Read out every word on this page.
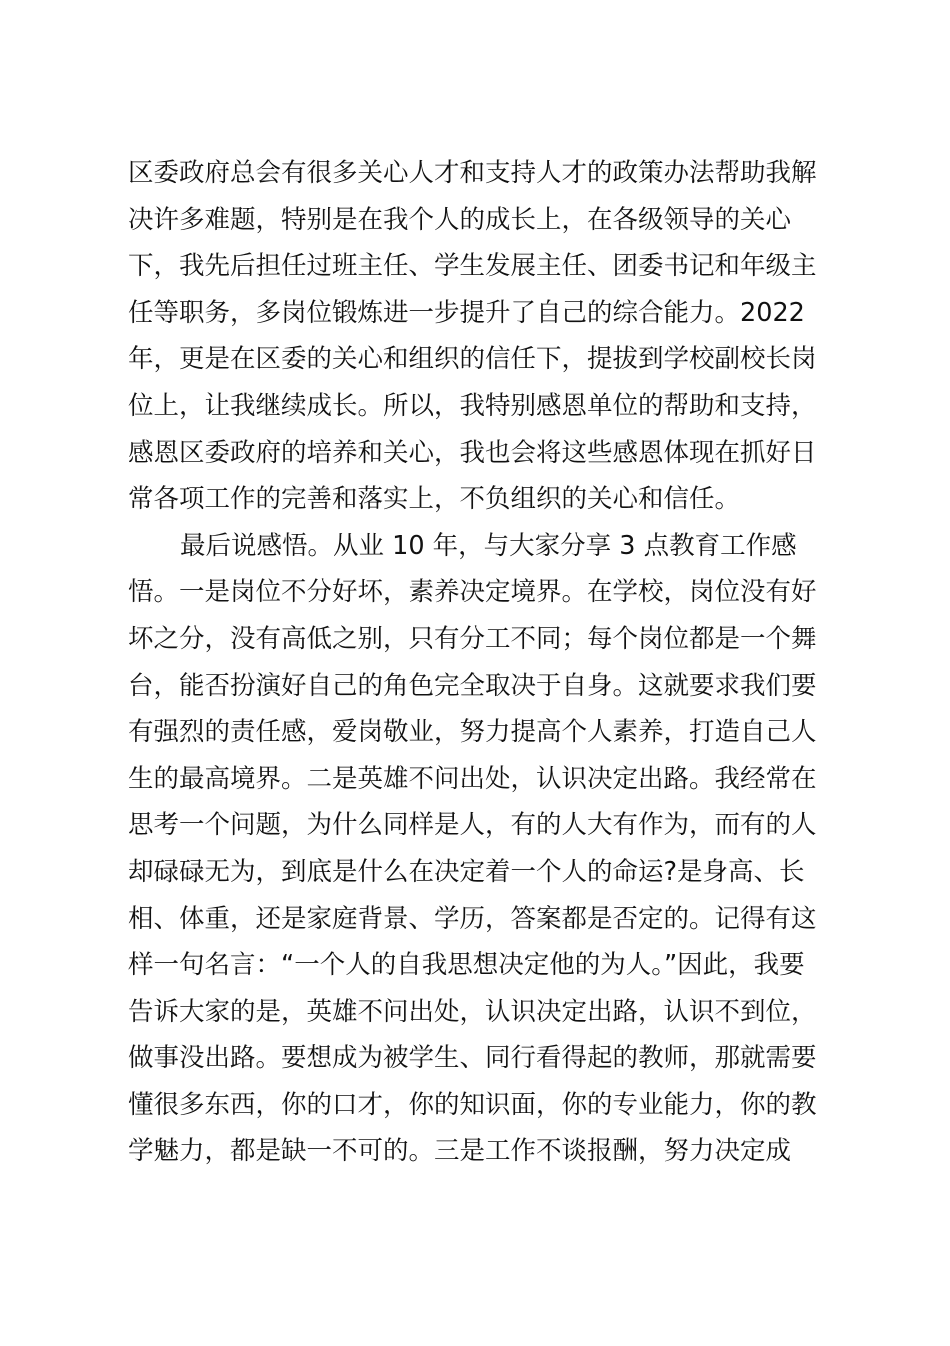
区委政府总会有很多关心人才和支持人才的政策办法帮助我解
决许多难题，特别是在我个人的成长上，在各级领导的关心
下，我先后担任过班主任、学生发展主任、团委书记和年级主
任等职务，多岗位锻炼进一步提升了自己的综合能力。2022
年，更是在区委的关心和组织的信任下，提拔到学校副校长岗
位上，让我继续成长。所以，我特别感恩单位的帮助和支持，
感恩区委政府的培养和关心，我也会将这些感恩体现在抓好日
常各项工作的完善和落实上，不负组织的关心和信任。
最后说感悟。从业 10 年，与大家分享 3 点教育工作感
悟。一是岗位不分好坏，素养决定境界。在学校，岗位没有好
坏之分，没有高低之别，只有分工不同；每个岗位都是一个舞
台，能否扮演好自己的角色完全取决于自身。这就要求我们要
有强烈的责任感，爱岗敬业，努力提高个人素养，打造自己人
生的最高境界。二是英雄不问出处，认识决定出路。我经常在
思考一个问题，为什么同样是人，有的人大有作为，而有的人
却碌碌无为，到底是什么在决定着一个人的命运?是身高、长
相、体重，还是家庭背景、学历，答案都是否定的。记得有这
样一句名言：“一个人的自我思想决定他的为人。”因此，我要
告诉大家的是，英雄不问出处，认识决定出路，认识不到位，
做事没出路。要想成为被学生、同行看得起的教师，那就需要
懂很多东西，你的口才，你的知识面，你的专业能力，你的教
学魅力，都是缺一不可的。三是工作不谈报酬，努力决定成
